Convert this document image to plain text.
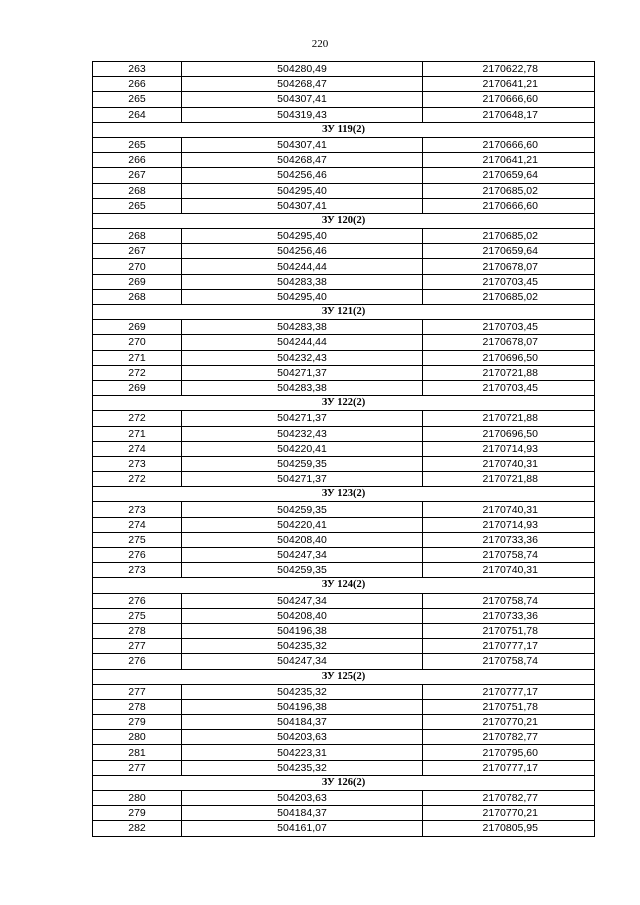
220
263	504280,49	2170622,78
266	504268,47	2170641,21
265	504307,41	2170666,60
264	504319,43	2170648,17
ЗУ 119(2)		
265	504307,41	2170666,60
266	504268,47	2170641,21
267	504256,46	2170659,64
268	504295,40	2170685,02
265	504307,41	2170666,60
ЗУ 120(2)		
268	504295,40	2170685,02
267	504256,46	2170659,64
270	504244,44	2170678,07
269	504283,38	2170703,45
268	504295,40	2170685,02
ЗУ 121(2)		
269	504283,38	2170703,45
270	504244,44	2170678,07
271	504232,43	2170696,50
272	504271,37	2170721,88
269	504283,38	2170703,45
ЗУ 122(2)		
272	504271,37	2170721,88
271	504232,43	2170696,50
274	504220,41	2170714,93
273	504259,35	2170740,31
272	504271,37	2170721,88
ЗУ 123(2)		
273	504259,35	2170740,31
274	504220,41	2170714,93
275	504208,40	2170733,36
276	504247,34	2170758,74
273	504259,35	2170740,31
ЗУ 124(2)		
276	504247,34	2170758,74
275	504208,40	2170733,36
278	504196,38	2170751,78
277	504235,32	2170777,17
276	504247,34	2170758,74
ЗУ 125(2)		
277	504235,32	2170777,17
278	504196,38	2170751,78
279	504184,37	2170770,21
280	504203,63	2170782,77
281	504223,31	2170795,60
277	504235,32	2170777,17
ЗУ 126(2)		
280	504203,63	2170782,77
279	504184,37	2170770,21
282	504161,07	2170805,95
